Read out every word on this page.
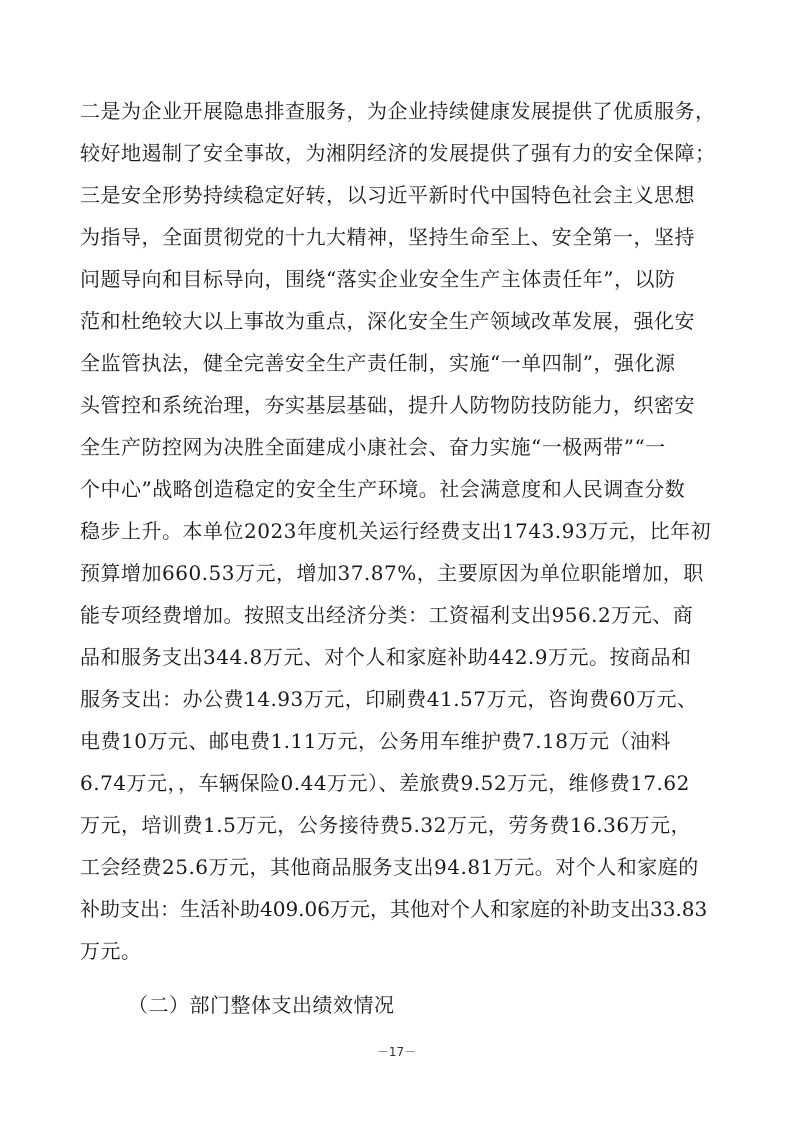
二是为企业开展隐患排查服务，为企业持续健康发展提供了优质服务，
较好地遏制了安全事故，为湘阴经济的发展提供了强有力的安全保障；
三是安全形势持续稳定好转，以习近平新时代中国特色社会主义思想
为指导，全面贯彻党的十九大精神，坚持生命至上、安全第一，坚持
问题导向和目标导向，围绕“落实企业安全生产主体责任年”，以防
范和杜绝较大以上事故为重点，深化安全生产领域改革发展，强化安
全监管执法，健全完善安全生产责任制，实施“一单四制”，强化源
头管控和系统治理，夯实基层基础，提升人防物防技防能力，织密安
全生产防控网为决胜全面建成小康社会、奋力实施“一极两带”“一
个中心”战略创造稳定的安全生产环境。社会满意度和人民调查分数
稳步上升。本单位2023年度机关运行经费支出1743.93万元，比年初
预算增加660.53万元，增加37.87%，主要原因为单位职能增加，职
能专项经费增加。按照支出经济分类：工资福利支出956.2万元、商
品和服务支出344.8万元、对个人和家庭补助442.9万元。按商品和
服务支出：办公费14.93万元，印刷费41.57万元，咨询费60万元、
电费10万元、邮电费1.11万元，公务用车维护费7.18万元（油料
6.74万元，，车辆保险0.44万元）、差旅费9.52万元，维修费17.62
万元，培训费1.5万元，公务接待费5.32万元，劳务费16.36万元，
工会经费25.6万元，其他商品服务支出94.81万元。对个人和家庭的
补助支出：生活补助409.06万元，其他对个人和家庭的补助支出33.83
万元。
（二）部门整体支出绩效情况
－17－
